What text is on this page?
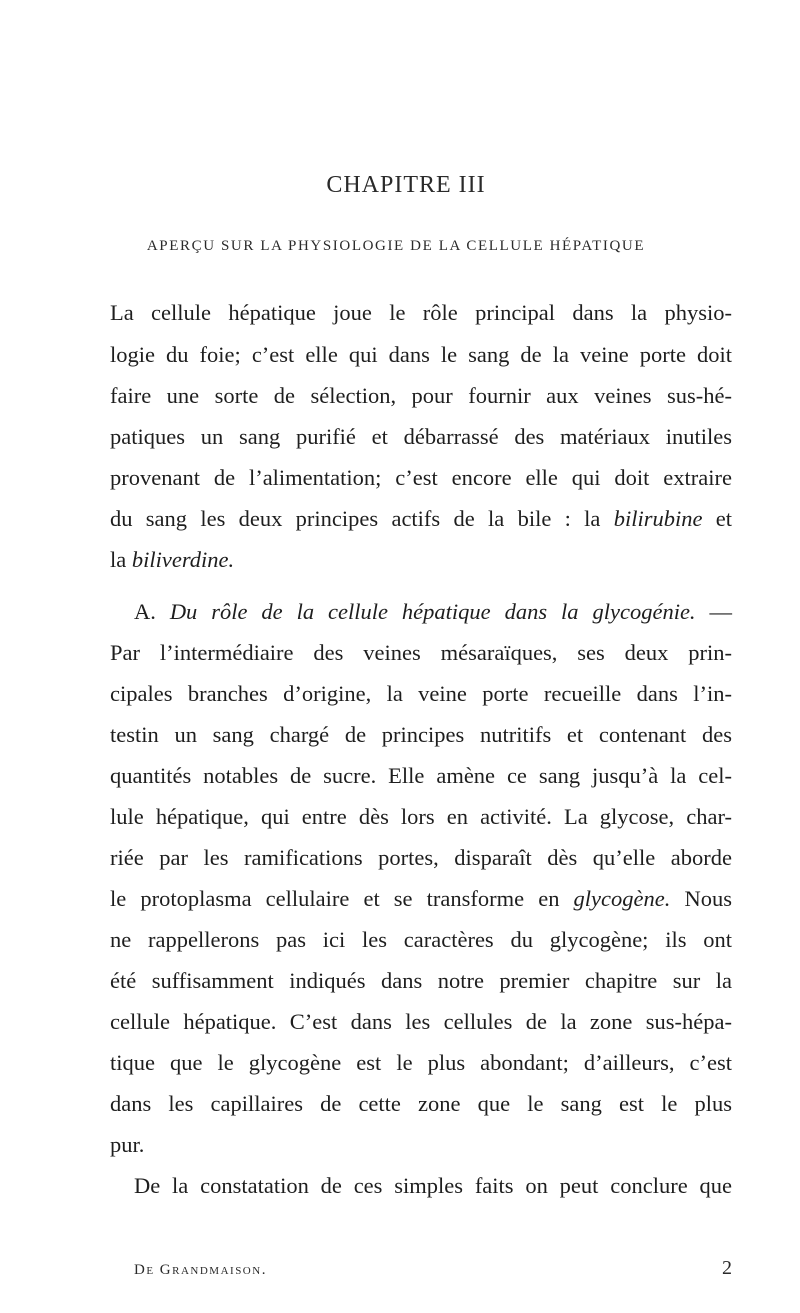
CHAPITRE III
APERÇU SUR LA PHYSIOLOGIE DE LA CELLULE HÉPATIQUE
La cellule hépatique joue le rôle principal dans la physio-
logie du foie; c’est elle qui dans le sang de la veine porte doit
faire une sorte de sélection, pour fournir aux veines sus-hé-
patiques un sang purifié et débarrassé des matériaux inutiles
provenant de l’alimentation; c’est encore elle qui doit extraire
du sang les deux principes actifs de la bile : la bilirubine et
la biliverdine.
A. Du rôle de la cellule hépatique dans la glycogénie. —
Par l’intermédiaire des veines mésaraïques, ses deux prin-
cipales branches d’origine, la veine porte recueille dans l’in-
testin un sang chargé de principes nutritifs et contenant des
quantités notables de sucre. Elle amène ce sang jusqu’à la cel-
lule hépatique, qui entre dès lors en activité. La glycose, char-
riée par les ramifications portes, disparaît dès qu’elle aborde
le protoplasma cellulaire et se transforme en glycogène. Nous
ne rappellerons pas ici les caractères du glycogène; ils ont
été suffisamment indiqués dans notre premier chapitre sur la
cellule hépatique. C’est dans les cellules de la zone sus-hépa-
tique que le glycogène est le plus abondant; d’ailleurs, c’est
dans les capillaires de cette zone que le sang est le plus
pur.
De la constatation de ces simples faits on peut conclure que
De Grandmaison.	2
